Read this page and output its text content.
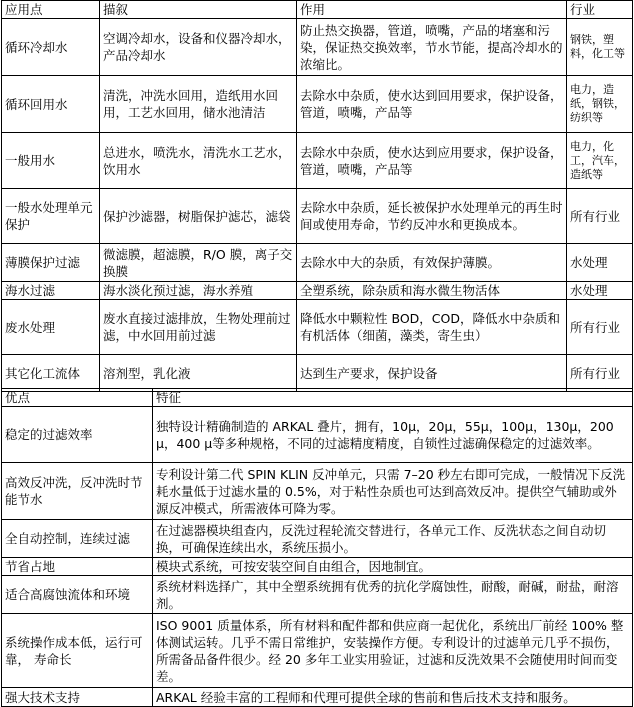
应用点	描叙	作用	行业
循环冷却水	空调冷却水，设备和仪器冷却水，产品冷却水	防止热交换器，管道，喷嘴，产品的堵塞和污染，保证热交换效率，节水节能，提高冷却水的浓缩比。	钢铁，塑料，化工等
循环回用水	清洗，冲洗水回用，造纸用水回用，工艺水回用，储水池清洁	去除水中杂质，使水达到回用要求，保护设备，管道，喷嘴，产品等	电力，造纸，钢铁，纺织等
一般用水	总进水，喷洗水，清洗水工艺水，饮用水	去除水中杂质，使水达到应用要求，保护设备，管道，喷嘴，产品等	电力，化工，汽车，造纸等
一般水处理单元保护	保护沙滤器，树脂保护滤芯，滤袋	去除水中杂质，延长被保护水处理单元的再生时间或使用寿命，节约反冲水和更换成本。	所有行业
薄膜保护过滤	微滤膜，超滤膜，R/O 膜，离子交换膜	去除水中大的杂质，有效保护薄膜。	水处理
海水过滤	海水淡化预过滤，海水养殖	全塑系统，除杂质和海水微生物活体	水处理
废水处理	废水直接过滤排放，生物处理前过滤，中水回用前过滤	降低水中颗粒性 BOD，COD，降低水中杂质和有机活体（细菌，藻类，寄生虫）	所有行业
其它化工流体	溶剂型，乳化液	达到生产要求，保护设备	所有行业
优点	特征
稳定的过滤效率	独特设计精确制造的 ARKAL 叠片，拥有，10μ，20μ，55μ，100μ，130μ，200μ，400 μ等多种规格，不同的过滤精度精度，自锁性过滤确保稳定的过滤效率。
高效反冲洗，反冲洗时节能节水	专利设计第二代 SPIN KLIN 反冲单元，只需 7–20 秒左右即可完成，一般情况下反洗耗水量低于过滤水量的 0.5%，对于粘性杂质也可达到高效反冲。提供空气辅助或外源反冲模式，所需液体可降为零。
全自动控制，连续过滤	在过滤器模块组查内，反洗过程轮流交替进行，各单元工作、反洗状态之间自动切换，可确保连续出水，系统压损小。
节省占地	模块式系统，可按安装空间自由组合，因地制宜。
适合高腐蚀流体和环境	系统材料选择广，其中全塑系统拥有优秀的抗化学腐蚀性，耐酸，耐碱，耐盐，耐溶剂。
系统操作成本低，运行可靠， 寿命长	ISO 9001 质量体系，所有材料和配件都和供应商一起优化，系统出厂前经 100% 整体测试运转。几乎不需日常维护，安装操作方便。专利设计的过滤单元几乎不损伤，所需备品备件很少。经 20 多年工业实用验证，过滤和反洗效果不会随使用时间而变差。
强大技术支持	ARKAL 经验丰富的工程师和代理可提供全球的售前和售后技术支持和服务。
